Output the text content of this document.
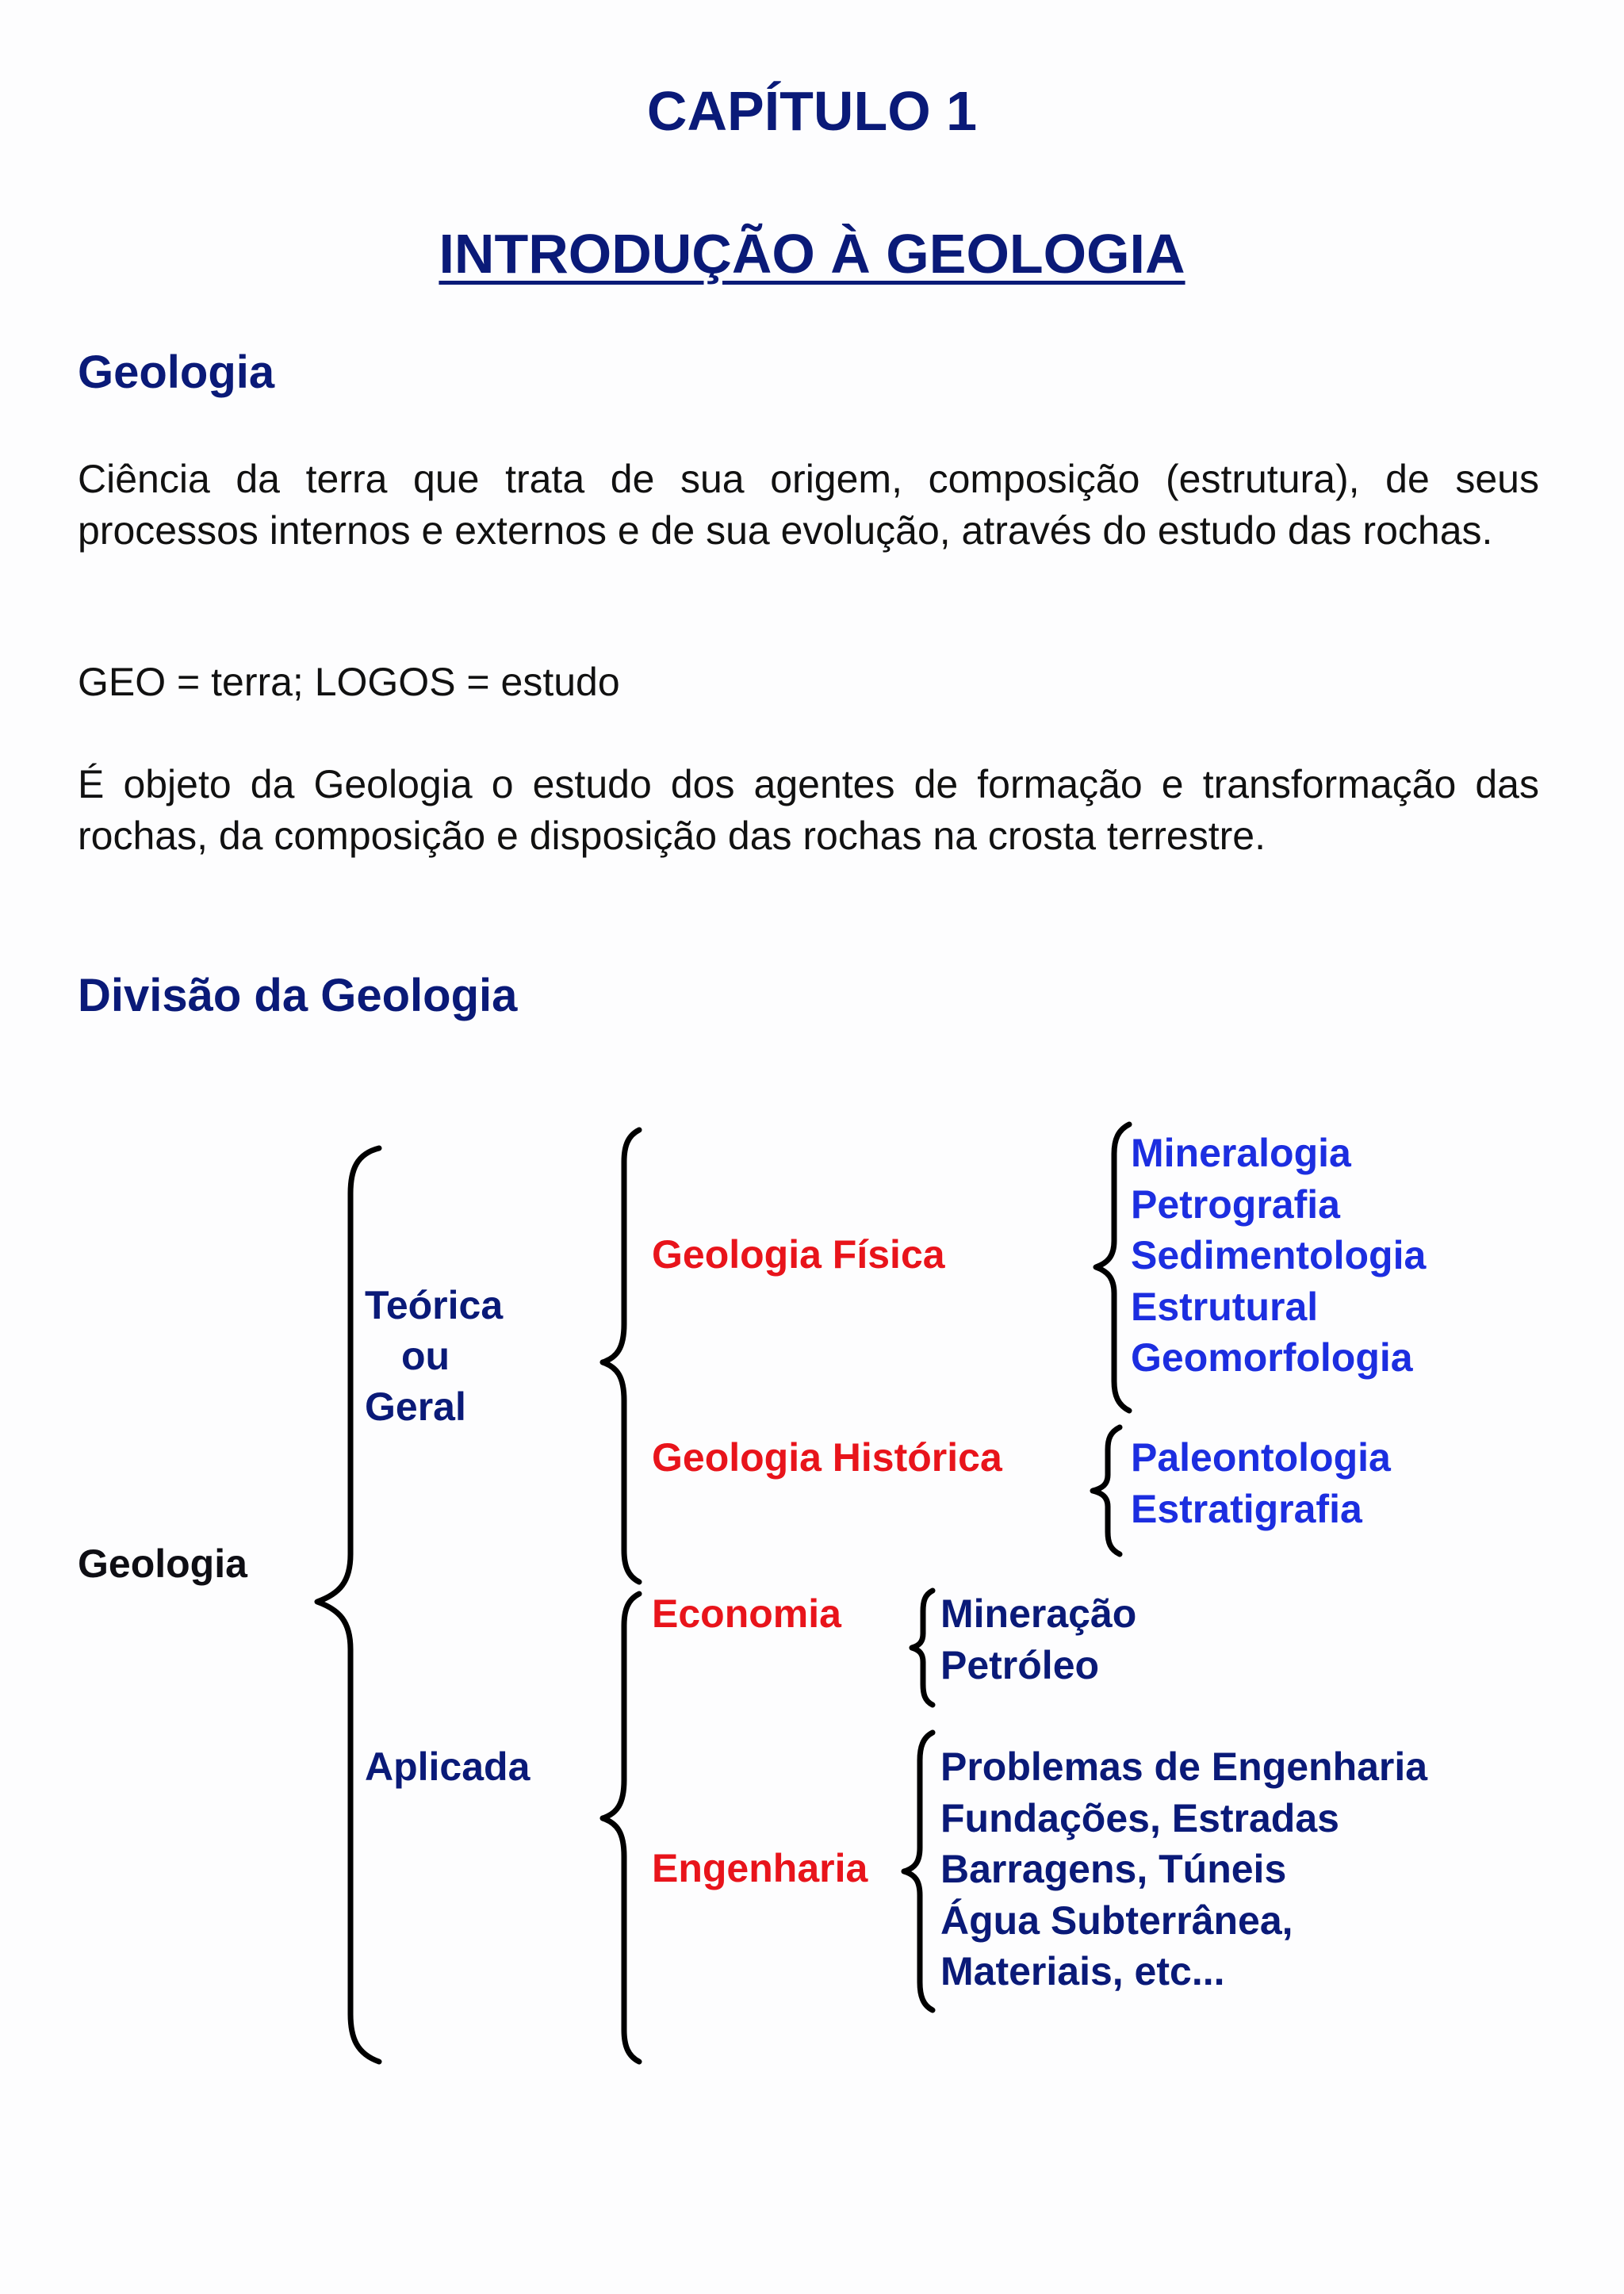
CAPÍTULO 1
INTRODUÇÃO À GEOLOGIA
Geologia
Ciência da terra que trata de sua origem, composição (estrutura), de seus processos internos e externos e de sua evolução, através do estudo das rochas.
GEO = terra; LOGOS = estudo
É objeto da Geologia o estudo dos agentes de formação e transformação das rochas, da composição e disposição das rochas na crosta terrestre.
Divisão da Geologia
Geologia
Teórica
ou
Geral
Aplicada
Geologia Física
Geologia Histórica
Economia
Engenharia
Mineralogia
Petrografia
Sedimentologia
Estrutural
Geomorfologia
Paleontologia
Estratigrafia
Mineração
Petróleo
Problemas de Engenharia
Fundações, Estradas
Barragens, Túneis
Água Subterrânea,
Materiais, etc...
